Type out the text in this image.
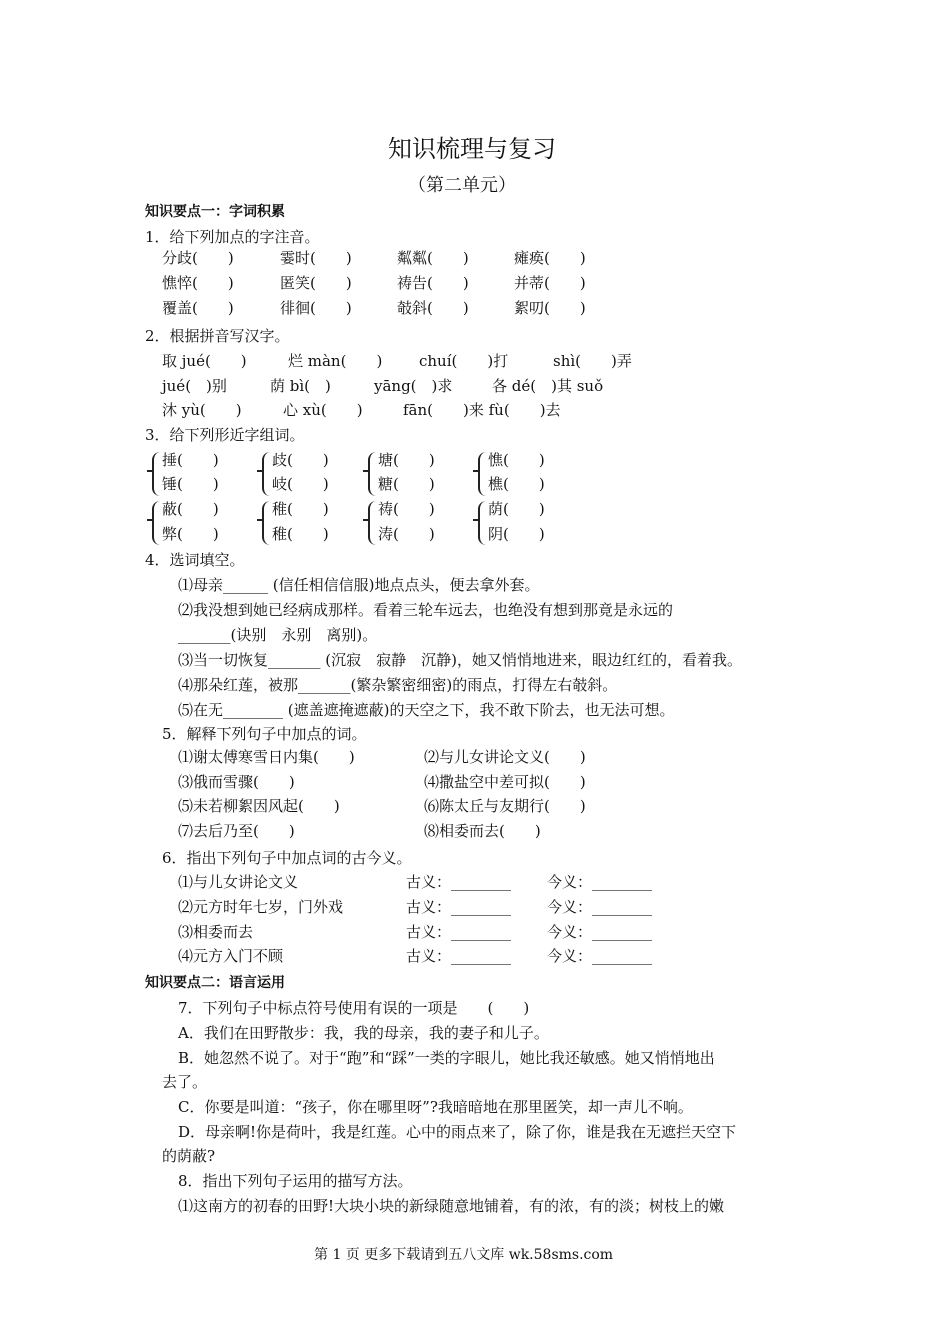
知识梳理与复习
（第二单元）
知识要点一：字词积累
1．给下列加点的字注音。
分歧(　　)	霎时(　　)	粼粼(　　)	瘫痪(　　)
憔悴(　　)	匿笑(　　)	祷告(　　)	并蒂(　　)
覆盖(　　)	徘徊(　　)	攲斜(　　)	絮叨(　　)
2．根据拼音写汉字。
取 jué(　　)	烂 màn(　　) chuí(　　)打	shì(　　)弄
jué(　)别	荫 bì(　)	yāng(　)求	各 dé(　)其 suǒ
沐 yù(　　)	心 xù(　　)	fān(　　)来 fù(　　)去
3．给下列形近字组词。
捶(　　)
锤(　　)
歧(　　)
岐(　　)
塘(　　)
糖(　　)
憔(　　)
樵(　　)
蔽(　　)
弊(　　)
稚(　　)
稚(　　)
祷(　　)
涛(　　)
荫(　　)
阴(　　)
4．选词填空。
⑴母亲______ (信任相信信服)地点点头，便去拿外套。
⑵我没想到她已经病成那样。看着三轮车远去，也绝没有想到那竟是永远的
_______(诀别　永别　离别)。
⑶当一切恢复_______ (沉寂　寂静　沉静)，她又悄悄地进来，眼边红红的，看着我。
⑷那朵红莲，被那_______(繁杂繁密细密)的雨点，打得左右攲斜。
⑸在无________ (遮盖遮掩遮蔽)的天空之下，我不敢下阶去，也无法可想。
5．解释下列句子中加点的词。
⑴谢太傅寒雪日内集(　　)	⑵与儿女讲论文义(　　)
⑶俄而雪骤(　　)	⑷撒盐空中差可拟(　　)
⑸未若柳絮因风起(　　)	⑹陈太丘与友期行(　　)
⑺去后乃至(　　)	⑻相委而去(　　)
6．指出下列句子中加点词的古今义。
⑴与儿女讲论文义	古义：________ 今义：________
⑵元方时年七岁，门外戏	古义：________ 今义：________
⑶相委而去	古义：________ 今义：________
⑷元方入门不顾	古义：________ 今义：________
知识要点二：语言运用
7．下列句子中标点符号使用有误的一项是　　(　　)
A．我们在田野散步：我，我的母亲，我的妻子和儿子。
B．她忽然不说了。对于“跑”和“踩”一类的字眼儿，她比我还敏感。她又悄悄地出
去了。
C．你要是叫道：“孩子，你在哪里呀”?我暗暗地在那里匿笑，却一声儿不响。
D．母亲啊!你是荷叶，我是红莲。心中的雨点来了，除了你，谁是我在无遮拦天空下
的荫蔽?
8．指出下列句子运用的描写方法。
⑴这南方的初春的田野!大块小块的新绿随意地铺着，有的浓，有的淡；树枝上的嫩
第 1 页 更多下载请到五八文库 wk.58sms.com
